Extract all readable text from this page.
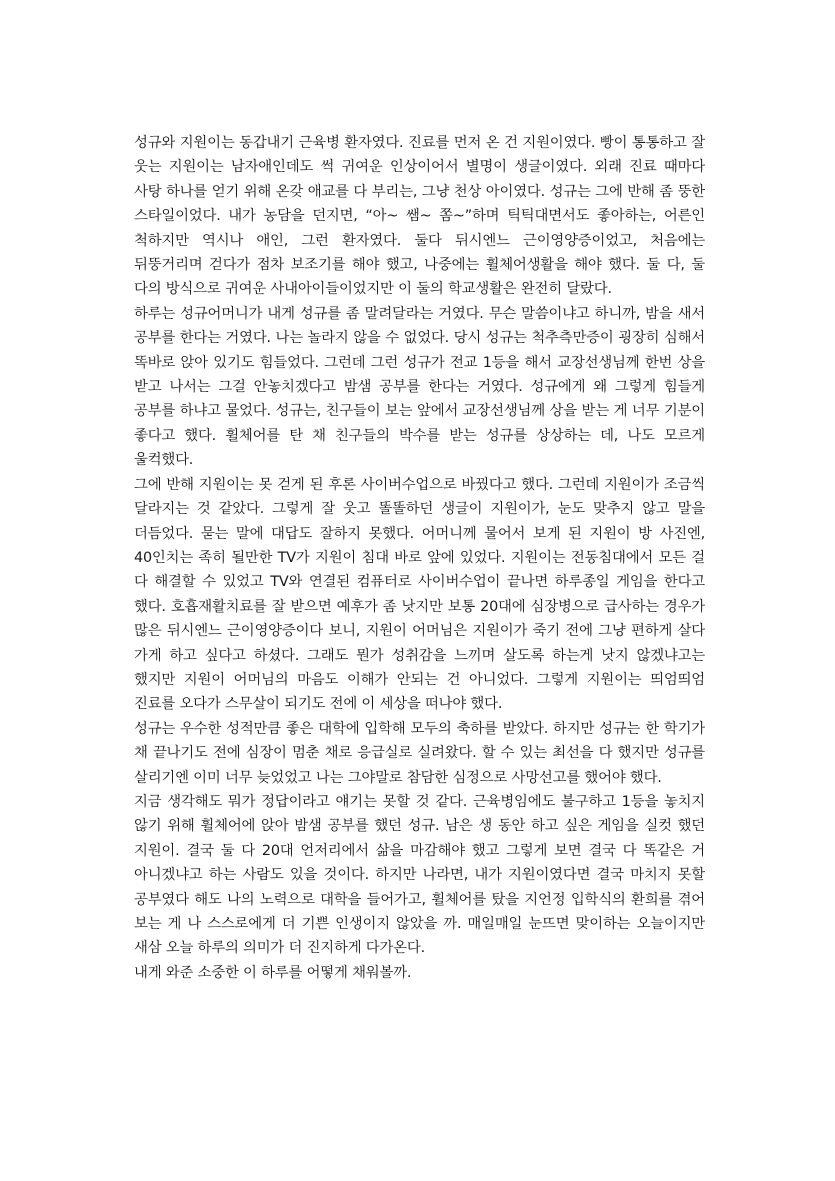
성규와 지원이는 동갑내기 근육병 환자였다. 진료를 먼저 온 건 지원이였다. 빵이 통통하고 잘 웃는 지원이는 남자애인데도 썩 귀여운 인상이어서 별명이 생글이였다. 외래 진료 때마다 사탕 하나를 얻기 위해 온갖 애교를 다 부리는, 그냥 천상 아이였다. 성규는 그에 반해 좀 뚱한 스타일이었다. 내가 농담을 던지면, “아~ 쌤~ 쫌~”하며 틱틱대면서도 좋아하는, 어른인 척하지만 역시나 애인, 그런 환자였다. 둘다 뒤시엔느 근이영양증이었고, 처음에는 뒤뚱거리며 걷다가 점차 보조기를 해야 했고, 나중에는 휠체어생활을 해야 했다. 둘 다, 둘 다의 방식으로 귀여운 사내아이들이었지만 이 둘의 학교생활은 완전히 달랐다.

하루는 성규어머니가 내게 성규를 좀 말려달라는 거였다. 무슨 말씀이냐고 하니까, 밤을 새서 공부를 한다는 거였다. 나는 놀라지 않을 수 없었다. 당시 성규는 척추측만증이 굉장히 심해서 똑바로 앉아 있기도 힘들었다. 그런데 그런 성규가 전교 1등을 해서 교장선생님께 한번 상을 받고 나서는 그걸 안놓치겠다고 밤샘 공부를 한다는 거였다. 성규에게 왜 그렇게 힘들게 공부를 하냐고 물었다. 성규는, 친구들이 보는 앞에서 교장선생님께 상을 받는 게 너무 기분이 좋다고 했다. 휠체어를 탄 채 친구들의 박수를 받는 성규를 상상하는 데, 나도 모르게 울컥했다.

그에 반해 지원이는 못 걷게 된 후론 사이버수업으로 바꿨다고 했다. 그런데 지원이가 조금씩 달라지는 것 같았다. 그렇게 잘 웃고 똘똘하던 생글이 지원이가, 눈도 맞추지 않고 말을 더듬었다. 묻는 말에 대답도 잘하지 못했다. 어머니께 물어서 보게 된 지원이 방 사진엔, 40인치는 족히 될만한 TV가 지원이 침대 바로 앞에 있었다. 지원이는 전동침대에서 모든 걸 다 해결할 수 있었고 TV와 연결된 컴퓨터로 사이버수업이 끝나면 하루종일 게임을 한다고 했다. 호흡재활치료를 잘 받으면 예후가 좀 낫지만 보통 20대에 심장병으로 급사하는 경우가 많은 뒤시엔느 근이영양증이다 보니, 지원이 어머님은 지원이가 죽기 전에 그냥 편하게 살다 가게 하고 싶다고 하셨다. 그래도 뭔가 성취감을 느끼며 살도록 하는게 낫지 않겠냐고는 했지만 지원이 어머님의 마음도 이해가 안되는 건 아니었다. 그렇게 지원이는 띄엄띄엄 진료를 오다가 스무살이 되기도 전에 이 세상을 떠나야 했다.

성규는 우수한 성적만큼 좋은 대학에 입학해 모두의 축하를 받았다. 하지만 성규는 한 학기가 채 끝나기도 전에 심장이 멈춘 채로 응급실로 실려왔다. 할 수 있는 최선을 다 했지만 성규를 살리기엔 이미 너무 늦었었고 나는 그야말로 참담한 심정으로 사망선고를 했어야 했다.

지금 생각해도 뭐가 정답이라고 얘기는 못할 것 같다. 근육병임에도 불구하고 1등을 놓치지 않기 위해 휠체어에 앉아 밤샘 공부를 했던 성규. 남은 생 동안 하고 싶은 게임을 실컷 했던 지원이. 결국 둘 다 20대 언저리에서 삶을 마감해야 했고 그렇게 보면 결국 다 똑같은 거 아니겠냐고 하는 사람도 있을 것이다. 하지만 나라면, 내가 지원이였다면 결국 마치지 못할 공부였다 해도 나의 노력으로 대학을 들어가고, 휠체어를 탔을 지언정 입학식의 환희를 겪어 보는 게 나 스스로에게 더 기쁜 인생이지 않았을 까. 매일매일 눈뜨면 맞이하는 오늘이지만 새삼 오늘 하루의 의미가 더 진지하게 다가온다.

내게 와준 소중한 이 하루를 어떻게 채워볼까.
